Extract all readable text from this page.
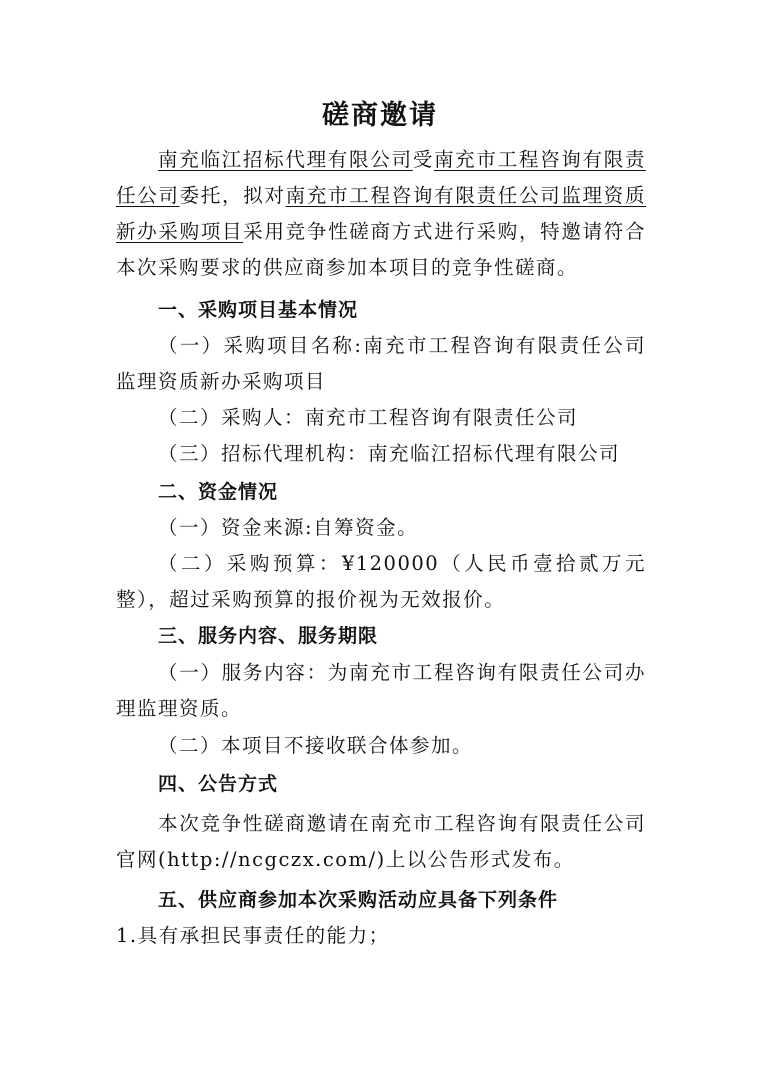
磋商邀请

南充临江招标代理有限公司受南充市工程咨询有限责任公司委托，拟对南充市工程咨询有限责任公司监理资质新办采购项目采用竞争性磋商方式进行采购，特邀请符合本次采购要求的供应商参加本项目的竞争性磋商。

一、采购项目基本情况

（一）采购项目名称:南充市工程咨询有限责任公司监理资质新办采购项目

（二）采购人：南充市工程咨询有限责任公司

（三）招标代理机构：南充临江招标代理有限公司

二、资金情况

（一）资金来源:自筹资金。

（二）采购预算：¥120000（人民币壹拾贰万元整），超过采购预算的报价视为无效报价。

三、服务内容、服务期限

（一）服务内容：为南充市工程咨询有限责任公司办理监理资质。

（二）本项目不接收联合体参加。

四、公告方式

本次竞争性磋商邀请在南充市工程咨询有限责任公司官网(http://ncgczx.com/)上以公告形式发布。

五、供应商参加本次采购活动应具备下列条件

1.具有承担民事责任的能力；
